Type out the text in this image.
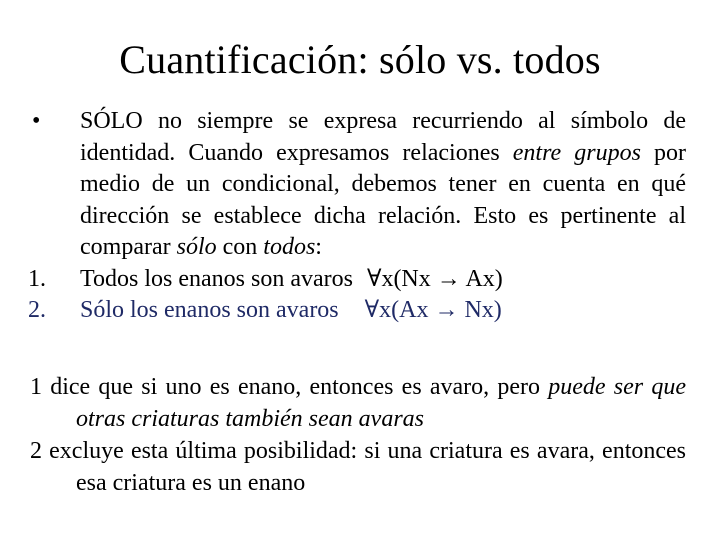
Cuantificación: sólo vs. todos
•	SÓLO no siempre se expresa recurriendo al símbolo de identidad. Cuando expresamos relaciones entre grupos por medio de un condicional, debemos tener en cuenta en qué dirección se establece dicha relación. Esto es pertinente al comparar sólo con todos:
1.	Todos los enanos son avaros ∀x(Nx → Ax)
2.	Sólo los enanos son avaros ∀x(Ax → Nx)
1 dice que si uno es enano, entonces es avaro, pero puede ser que otras criaturas también sean avaras
2 excluye esta última posibilidad: si una criatura es avara, entonces esa criatura es un enano
